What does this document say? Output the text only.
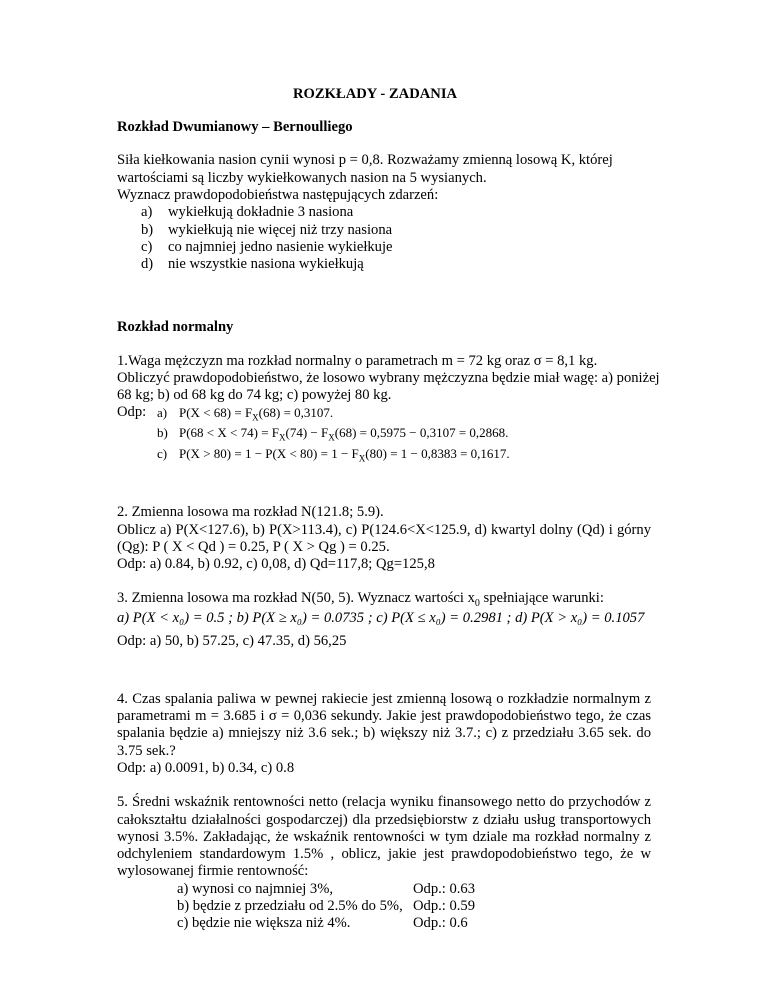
ROZKŁADY - ZADANIA
Rozkład Dwumianowy – Bernoulliego
Siła kiełkowania nasion cynii wynosi p = 0,8. Rozważamy zmienną losową K, której
wartościami są liczby wykiełkowanych nasion na 5 wysianych.
Wyznacz prawdopodobieństwa następujących zdarzeń:
a) wykiełkują dokładnie 3 nasiona
b) wykiełkują nie więcej niż trzy nasiona
c) co najmniej jedno nasienie wykiełkuje
d) nie wszystkie nasiona wykiełkują
Rozkład normalny
1.Waga mężczyzn ma rozkład normalny o parametrach m = 72 kg oraz σ = 8,1 kg.
Obliczyć prawdopodobieństwo, że losowo wybrany mężczyzna będzie miał wagę: a) poniżej
68 kg; b) od 68 kg do 74 kg; c) powyżej 80 kg.
Odp: a) $P(X < 68) = F_X(68) = 0,3107$.
b) $P(68 < X < 74) = F_X(74) - F_X(68) = 0,5975 - 0,3107 = 0,2868$.
c) $P(X > 80) = 1 - P(X < 80) = 1 - F_X(80) = 1 - 0,8383 = 0,1617$.
2. Zmienna losowa ma rozkład N(121.8; 5.9).
Oblicz a) P(X<127.6), b) P(X>113.4), c) P(124.6<X<125.9, d) kwartyl dolny (Qd) i górny
(Qg): P ( X < Qd ) = 0.25, P ( X > Qg ) = 0.25.
Odp: a) 0.84, b) 0.92, c) 0,08, d) Qd=117,8; Qg=125,8
3. Zmienna losowa ma rozkład N(50, 5). Wyznacz wartości $x_0$ spełniające warunki:
a) P(X < x₀) = 0.5 ; b) P(X ≥ x₀) = 0.0735 ; c) P(X ≤ x₀) = 0.2981 ; d) P(X > x₀) = 0.1057
Odp: a) 50, b) 57.25, c) 47.35, d) 56,25
4. Czas spalania paliwa w pewnej rakiecie jest zmienną losową o rozkładzie normalnym z
parametrami m = 3.685 i σ = 0,036 sekundy. Jakie jest prawdopodobieństwo tego, że czas
spalania będzie a) mniejszy niż 3.6 sek.; b) większy niż 3.7.; c) z przedziału 3.65 sek. do
3.75 sek.?
Odp: a) 0.0091, b) 0.34, c) 0.8
5. Średni wskaźnik rentowności netto (relacja wyniku finansowego netto do przychodów z
całokształtu działalności gospodarczej) dla przedsiębiorstw z działu usług transportowych
wynosi 3.5%. Zakładając, że wskaźnik rentowności w tym dziale ma rozkład normalny z
odchyleniem standardowym 1.5% , oblicz, jakie jest prawdopodobieństwo tego, że w
wylosowanej firmie rentowność:
a) wynosi co najmniej 3%,	Odp.: 0.63
b) będzie z przedziału od 2.5% do 5%, Odp.: 0.59
c) będzie nie większa niż 4%.	Odp.: 0.6
